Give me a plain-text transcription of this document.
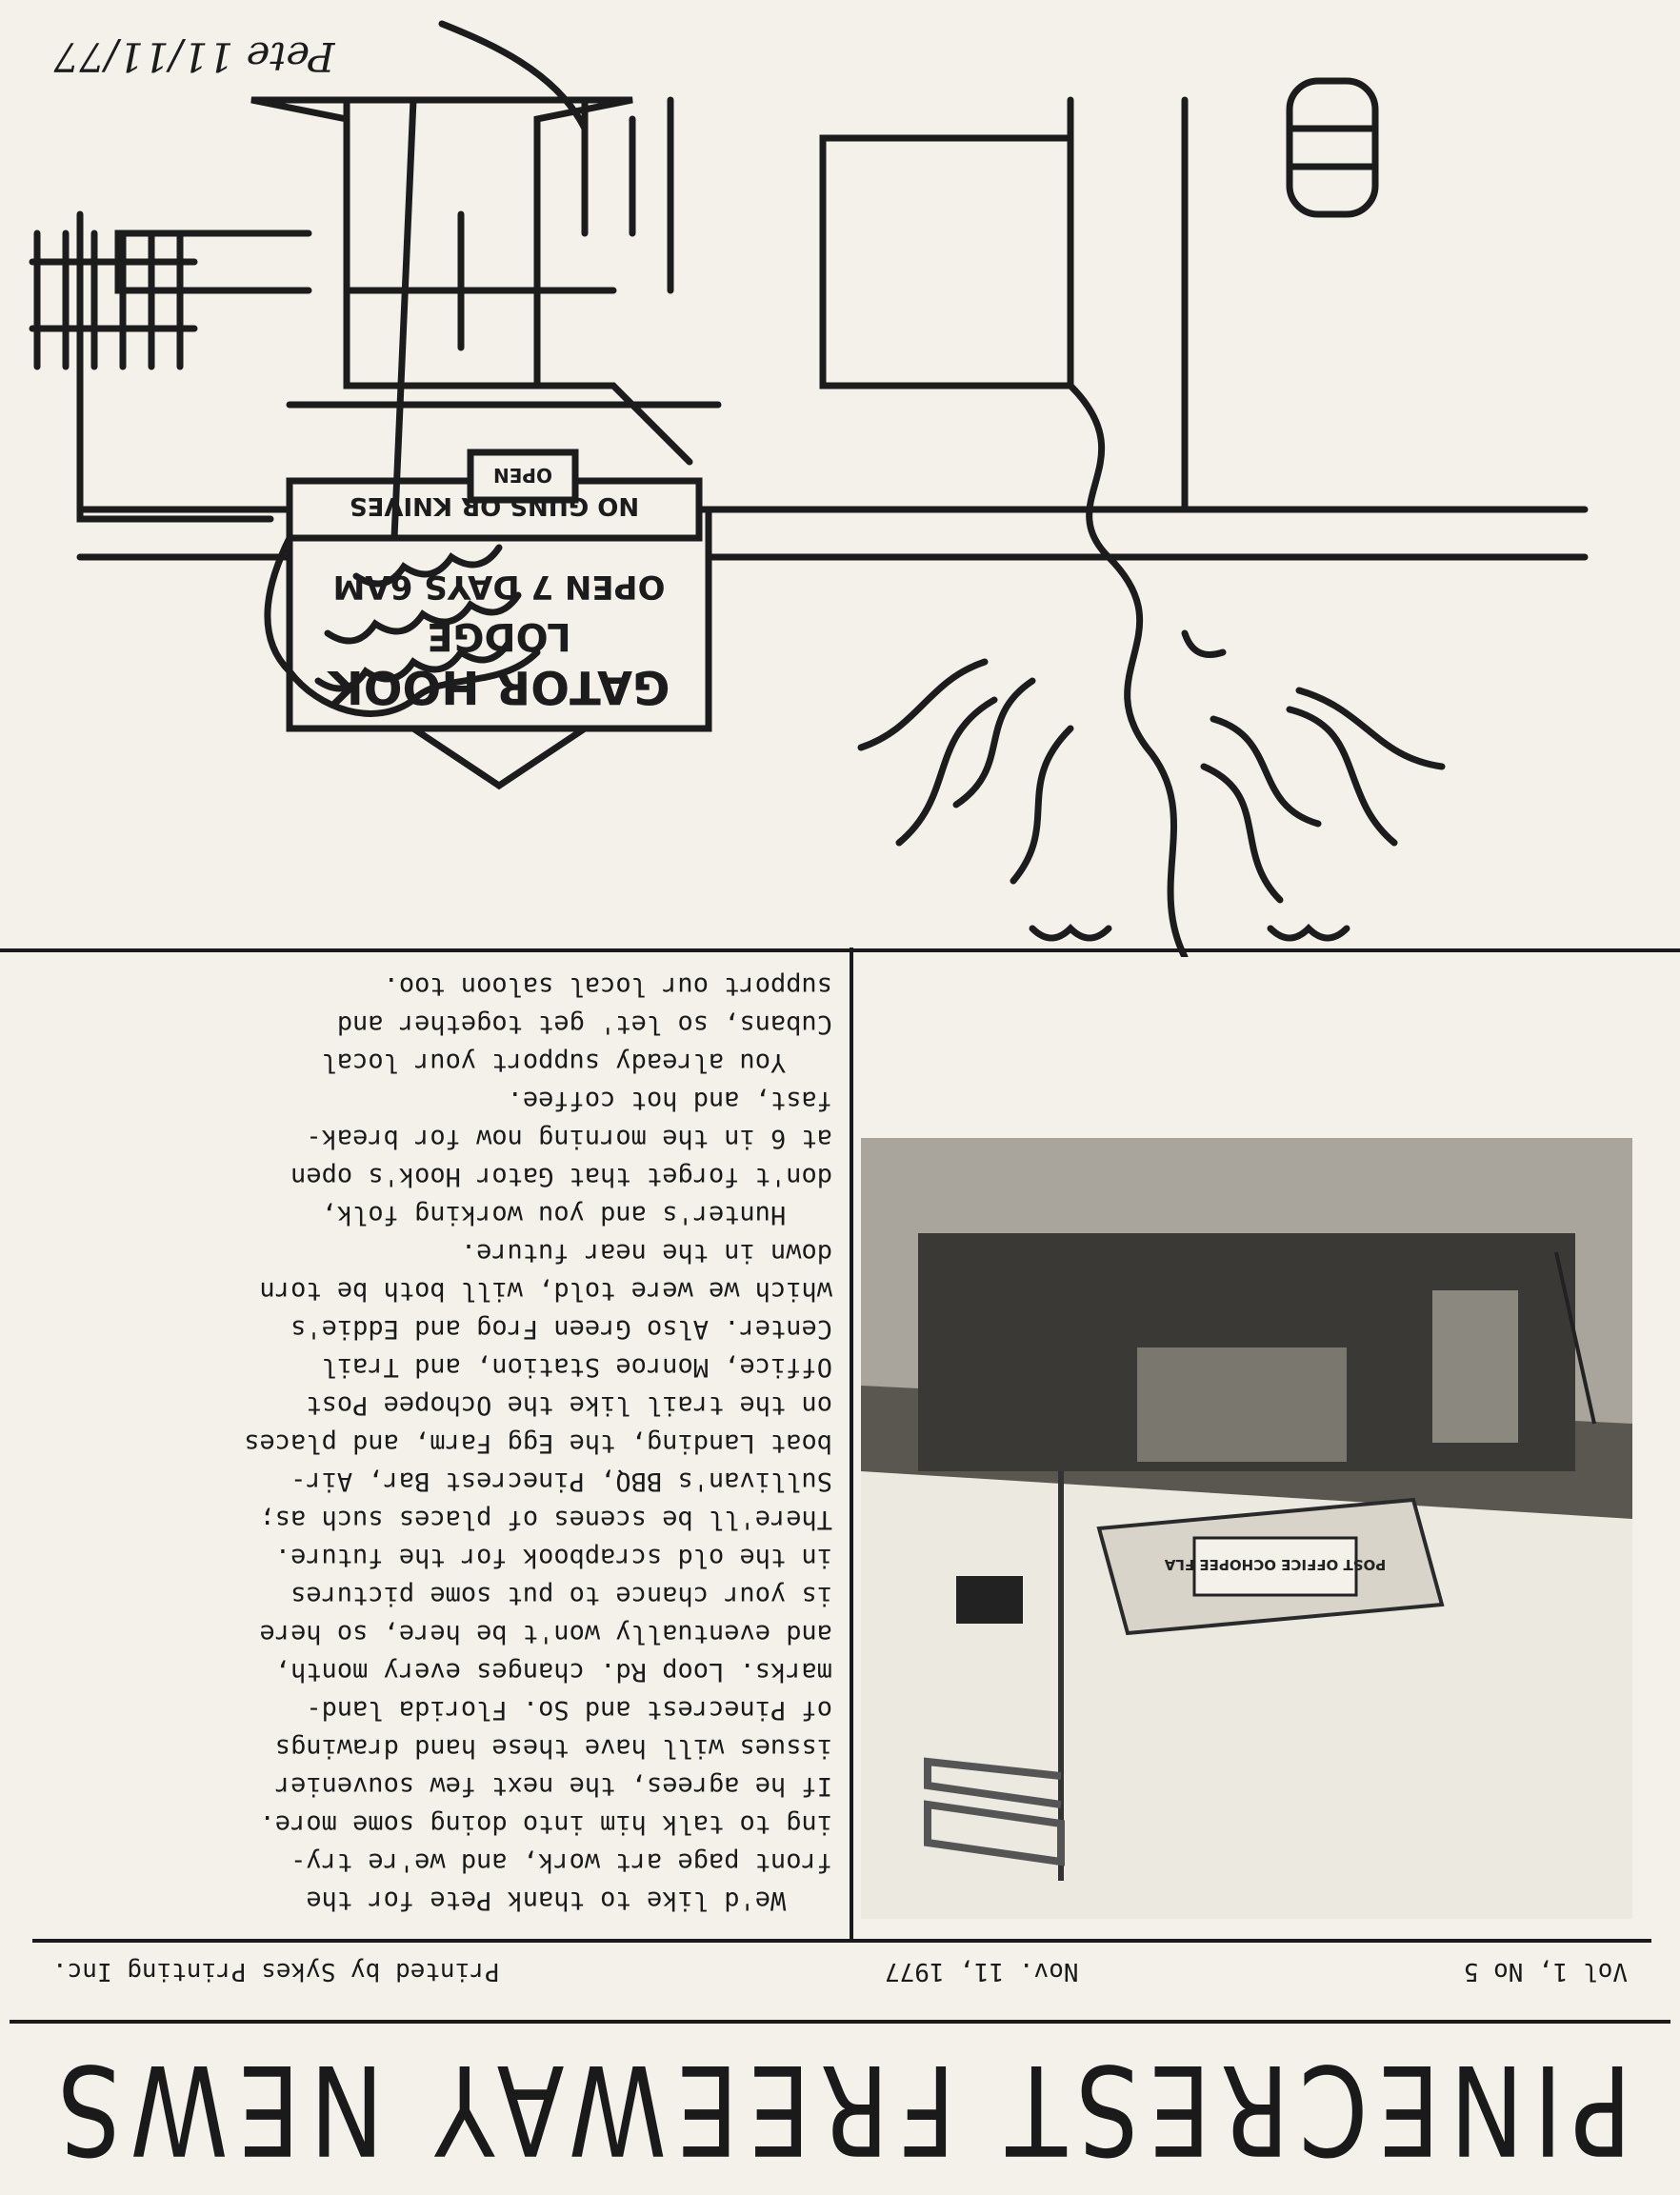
PINECREST FREEWAY NEWS
Vol 1, No 5
Nov. 11, 1977
Printed by Sykes Printing Inc.
POST OFFICE OCHOPEE FLA
We'd like to thank Pete for the
front page art work, and we're try-
ing to talk him into doing some more.
If he agrees, the next few souvenier
issues will have these hand drawings
of Pinecrest and So. Florida land-
marks. Loop Rd. changes every month,
and eventually won't be here, so here
is your chance to put some pictures
in the old scrapbook for the future.
There'll be scenes of places such as;
Sullivan's BBQ, Pinecrest Bar, Air-
boat Landing, the Egg Farm, and places
on the trail like the Ochopee Post
Office, Monroe Station, and Trail
Center. Also Green Frog and Eddie's
which we were told, will both be torn
down in the near future.
Hunter's and you working folk,
don't forget that Gator Hook's open
at 6 in the morning now for break-
fast, and hot coffee.
You already support your local
Cubans, so let' get together and
support our local saloon too.
GATOR HOOK
LODGE
OPEN 7 DAYS 6AM
NO GUNS OR KNIVES
OPEN
Pete 11/11/77
